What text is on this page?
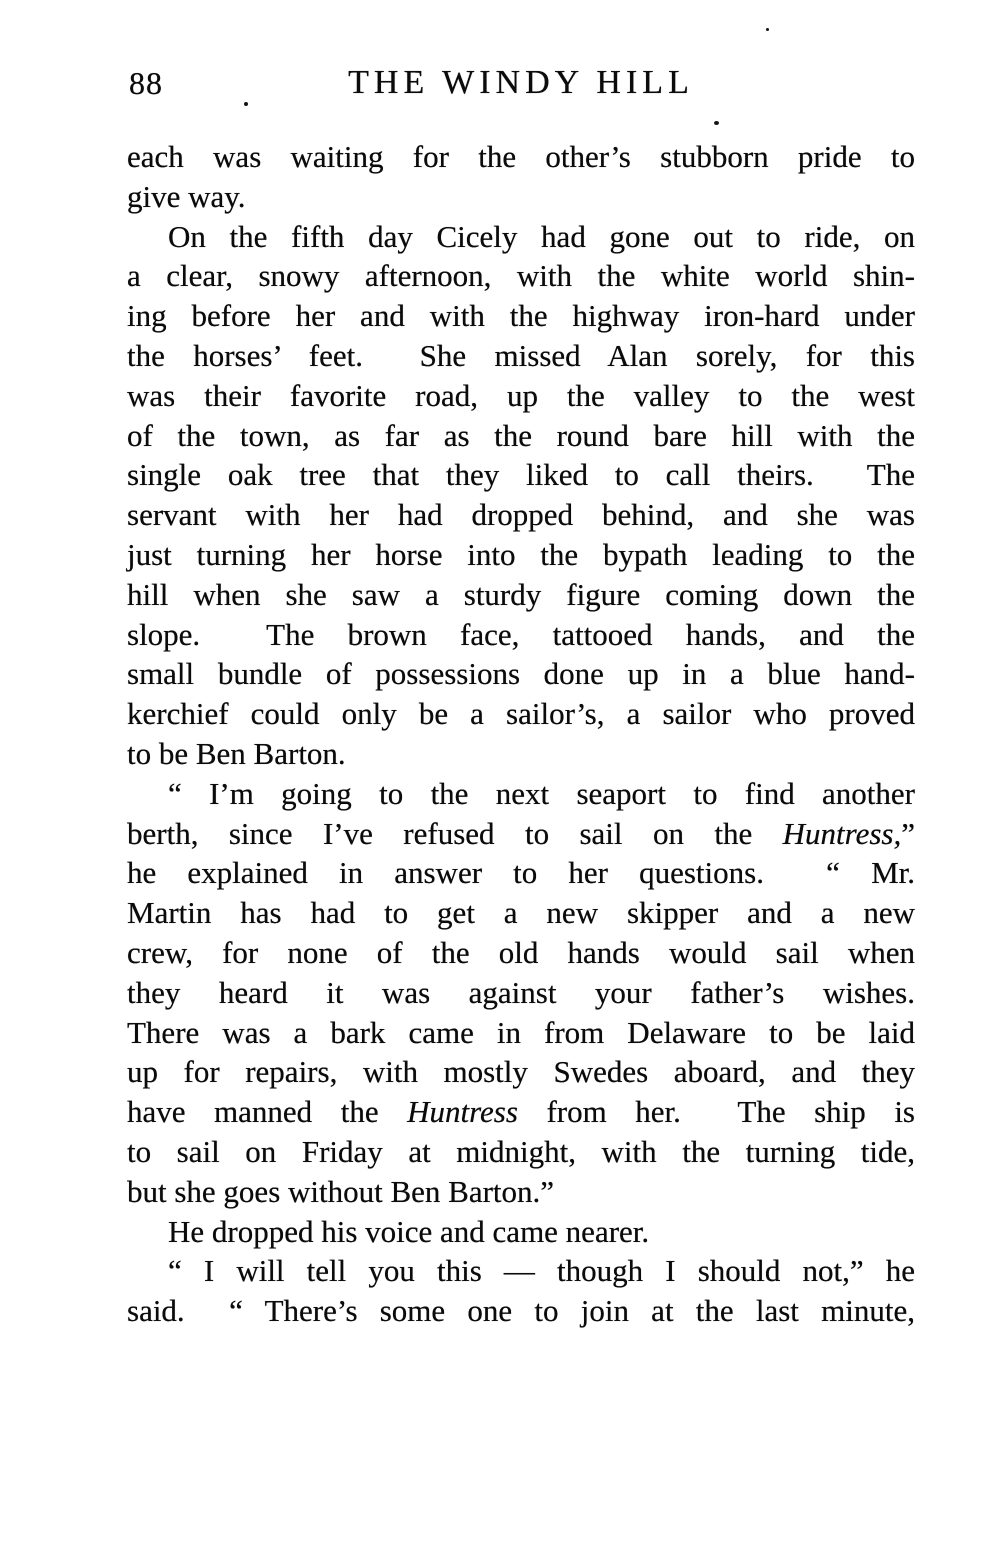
88	THE WINDY HILL
each was waiting for the other’s stubborn pride to
give way.
On the fifth day Cicely had gone out to ride, on
a clear, snowy afternoon, with the white world shin-
ing before her and with the highway iron-hard under
the horses’ feet.  She missed Alan sorely, for this
was their favorite road, up the valley to the west
of the town, as far as the round bare hill with the
single oak tree that they liked to call theirs.  The
servant with her had dropped behind, and she was
just turning her horse into the bypath leading to the
hill when she saw a sturdy figure coming down the
slope.  The brown face, tattooed hands, and the
small bundle of possessions done up in a blue hand-
kerchief could only be a sailor’s, a sailor who proved
to be Ben Barton.
“ I’m going to the next seaport to find another
berth, since I’ve refused to sail on the Huntress,”
he explained in answer to her questions.  “ Mr.
Martin has had to get a new skipper and a new
crew, for none of the old hands would sail when
they heard it was against your father’s wishes.
There was a bark came in from Delaware to be laid
up for repairs, with mostly Swedes aboard, and they
have manned the Huntress from her.  The ship is
to sail on Friday at midnight, with the turning tide,
but she goes without Ben Barton.”
He dropped his voice and came nearer.
“ I will tell you this — though I should not,” he
said.  “ There’s some one to join at the last minute,
